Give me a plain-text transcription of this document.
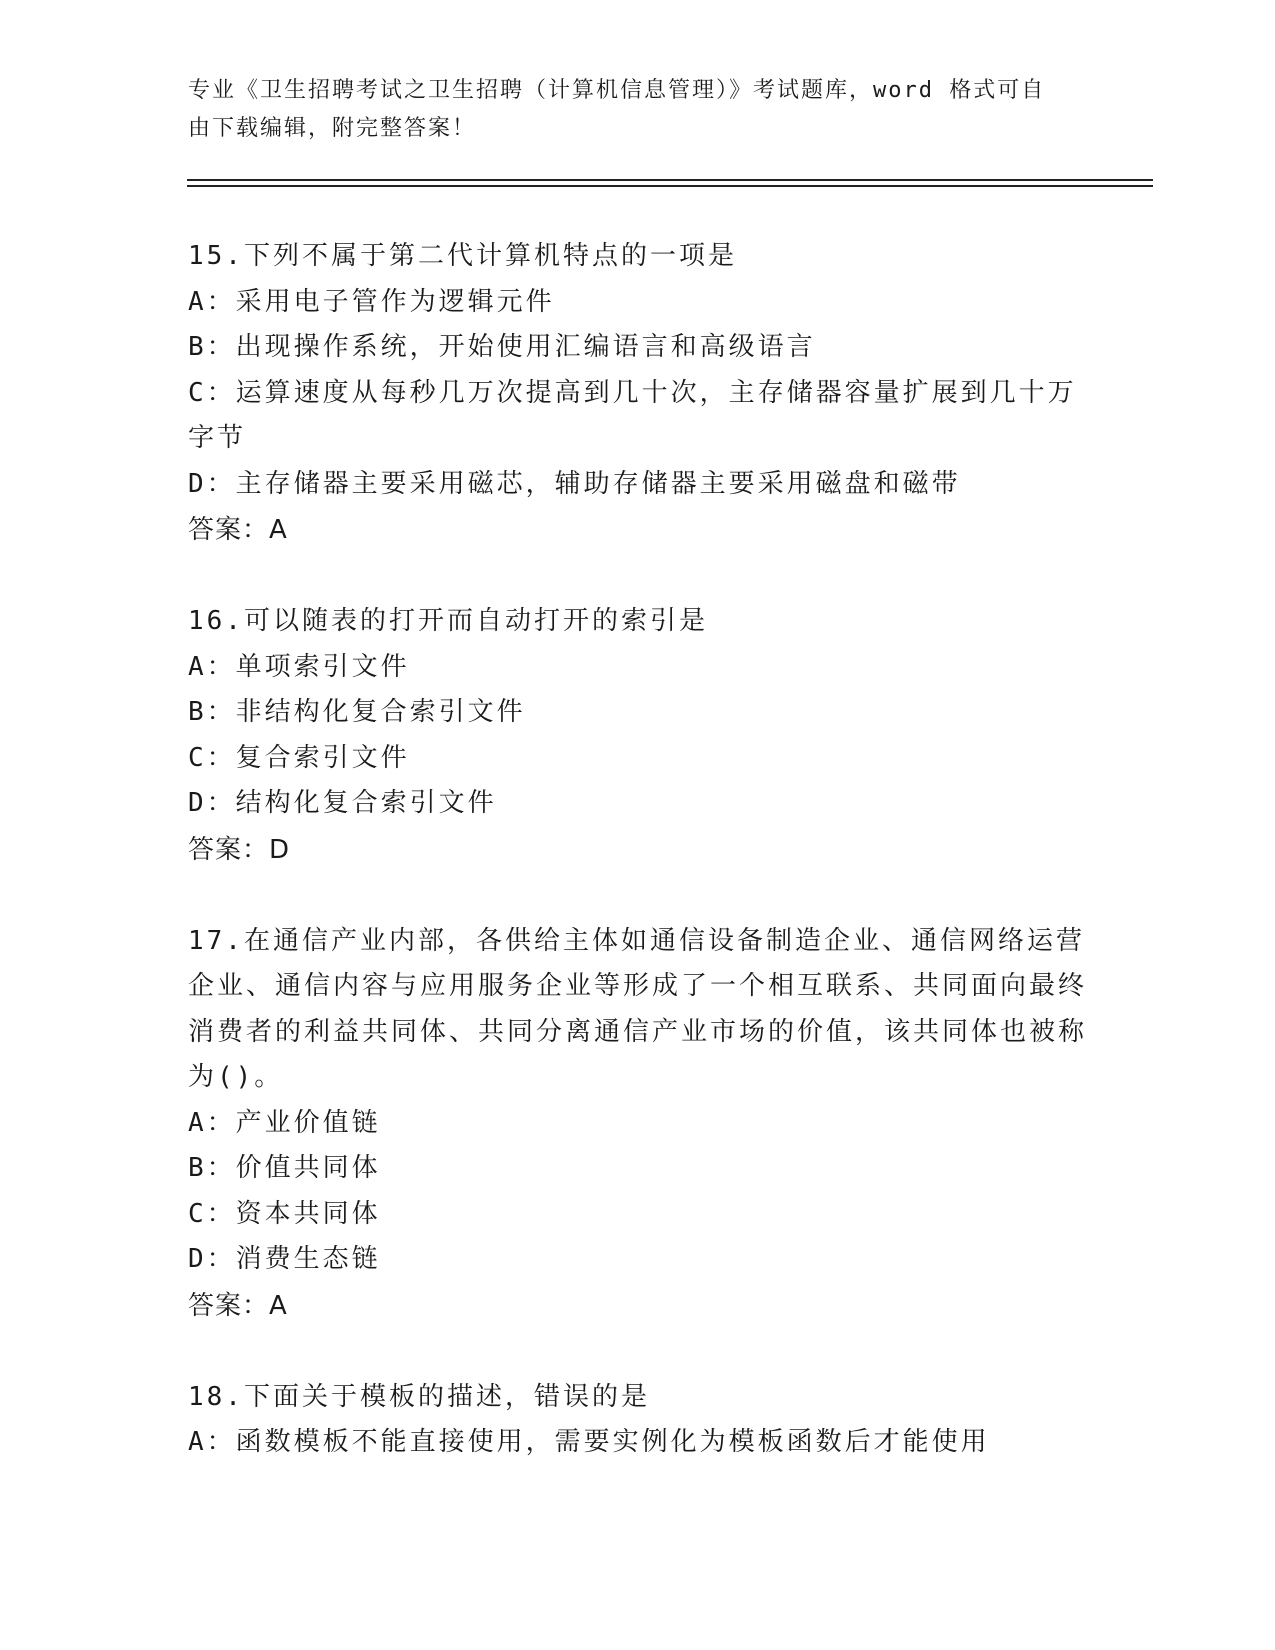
专业《卫生招聘考试之卫生招聘（计算机信息管理）》考试题库，word 格式可自由下载编辑，附完整答案！
15.下列不属于第二代计算机特点的一项是
A：采用电子管作为逻辑元件
B：出现操作系统，开始使用汇编语言和高级语言
C：运算速度从每秒几万次提高到几十次，主存储器容量扩展到几十万字节
D：主存储器主要采用磁芯，辅助存储器主要采用磁盘和磁带
答案：A
16.可以随表的打开而自动打开的索引是
A：单项索引文件
B：非结构化复合索引文件
C：复合索引文件
D：结构化复合索引文件
答案：D
17.在通信产业内部，各供给主体如通信设备制造企业、通信网络运营企业、通信内容与应用服务企业等形成了一个相互联系、共同面向最终消费者的利益共同体、共同分离通信产业市场的价值，该共同体也被称为()。
A：产业价值链
B：价值共同体
C：资本共同体
D：消费生态链
答案：A
18.下面关于模板的描述，错误的是
A：函数模板不能直接使用，需要实例化为模板函数后才能使用
